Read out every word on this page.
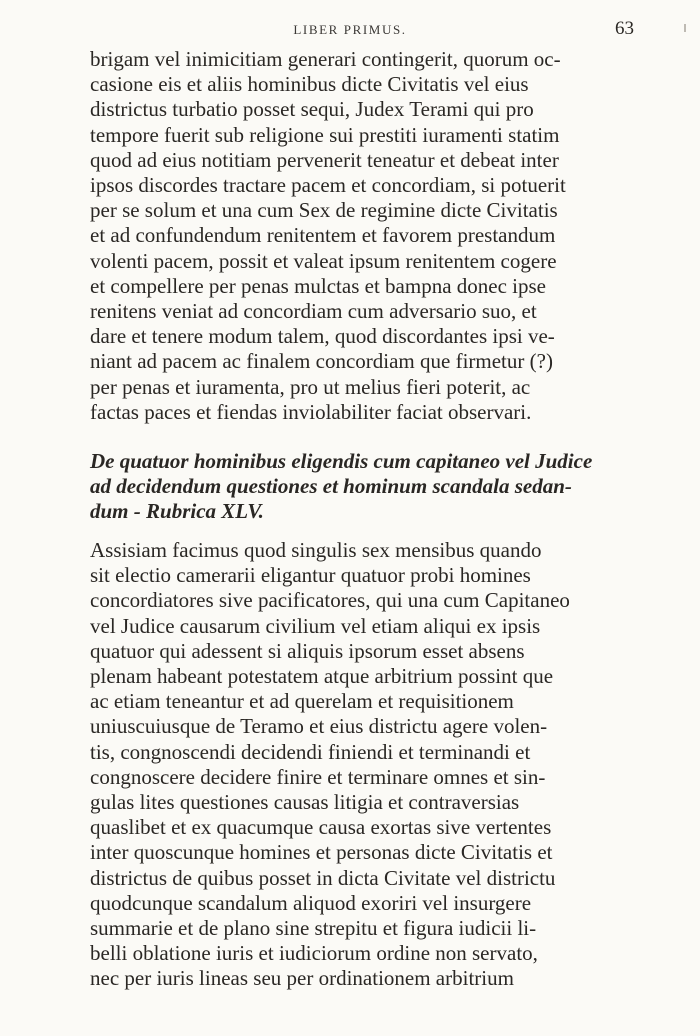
LIBER PRIMUS.	63

brigam vel inimicitiam generari contingerit, quorum oc-
casione eis et aliis hominibus dicte Civitatis vel eius
districtus turbatio posset sequi, Judex Terami qui pro
tempore fuerit sub religione sui prestiti iuramenti statim
quod ad eius notitiam pervenerit teneatur et debeat inter
ipsos discordes tractare pacem et concordiam, si potuerit
per se solum et una cum Sex de regimine dicte Civitatis
et ad confundendum renitentem et favorem prestandum
volenti pacem, possit et valeat ipsum renitentem cogere
et compellere per penas mulctas et bampna donec ipse
renitens veniat ad concordiam cum adversario suo, et
dare et tenere modum talem, quod discordantes ipsi ve-
niant ad pacem ac finalem concordiam que firmetur (?)
per penas et iuramenta, pro ut melius fieri poterit, ac
factas paces et fiendas inviolabiliter faciat observari.

De quatuor hominibus eligendis cum capitaneo vel Judice
ad decidendum questiones et hominum scandala sedan-
dum - Rubrica XLV.

Assisiam facimus quod singulis sex mensibus quando
sit electio camerarii eligantur quatuor probi homines
concordiatores sive pacificatores, qui una cum Capitaneo
vel Judice causarum civilium vel etiam aliqui ex ipsis
quatuor qui adessent si aliquis ipsorum esset absens
plenam habeant potestatem atque arbitrium possint que
ac etiam teneantur et ad querelam et requisitionem
uniuscuiusque de Teramo et eius districtu agere volen-
tis, congnoscendi decidendi finiendi et terminandi et
congnoscere decidere finire et terminare omnes et sin-
gulas lites questiones causas litigia et contraversias
quaslibet et ex quacumque causa exortas sive vertentes
inter quoscunque homines et personas dicte Civitatis et
districtus de quibus posset in dicta Civitate vel districtu
quodcunque scandalum aliquod exoriri vel insurgere
summarie et de plano sine strepitu et figura iudicii li-
belli oblatione iuris et iudiciorum ordine non servato,
nec per iuris lineas seu per ordinationem arbitrium
